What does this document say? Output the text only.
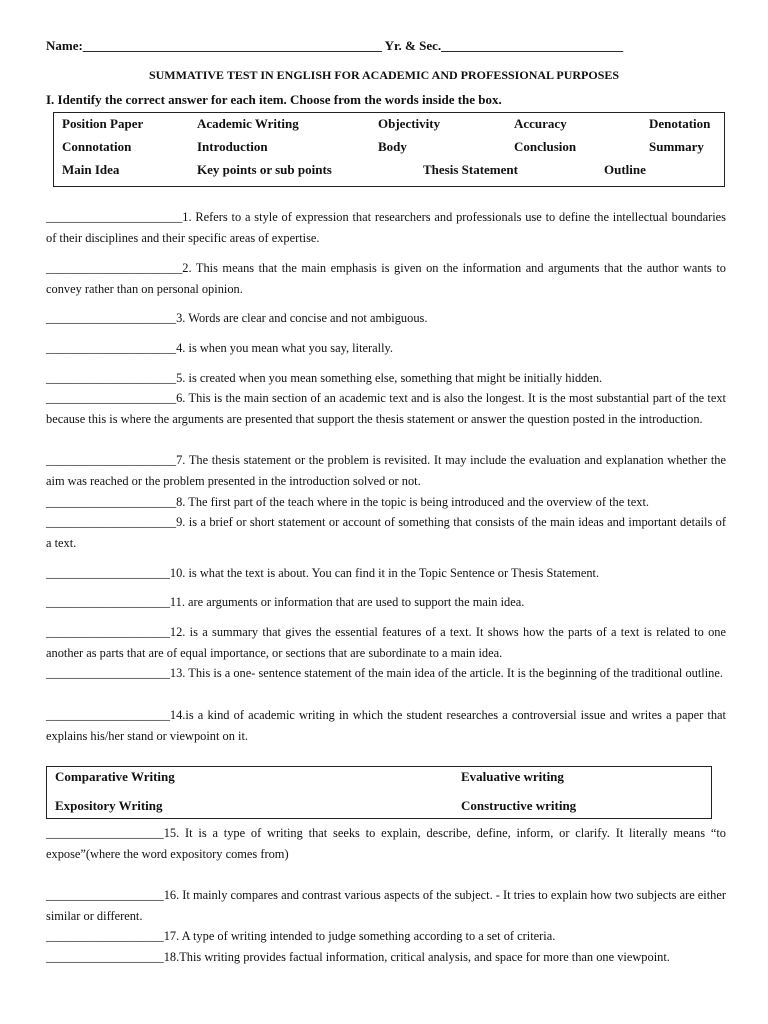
Name:______________________________________________ Yr. & Sec.____________________________
SUMMATIVE TEST IN ENGLISH FOR ACADEMIC AND PROFESSIONAL PURPOSES
I. Identify the correct answer for each item. Choose from the words inside the box.
Position Paper	Academic Writing	Objectivity	Accuracy	Denotation
Connotation	Introduction	Body	Conclusion	Summary
Main Idea	Key points or sub points	Thesis Statement	Outline
______________________1. Refers to a style of expression that researchers and professionals use to define the intellectual boundaries of their disciplines and their specific areas of expertise.
______________________2. This means that the main emphasis is given on the information and arguments that the author wants to convey rather than on personal opinion.
_____________________3. Words are clear and concise and not ambiguous.
_____________________4. is when you mean what you say, literally.
_____________________5. is created when you mean something else, something that might be initially hidden.
_____________________6. This is the main section of an academic text and is also the longest. It is the most substantial part of the text because this is where the arguments are presented that support the thesis statement or answer the question posted in the introduction.
_____________________7. The thesis statement or the problem is revisited. It may include the evaluation and explanation whether the aim was reached or the problem presented in the introduction solved or not.
_____________________8. The first part of the teach where in the topic is being introduced and the overview of the text.
_____________________9. is a brief or short statement or account of something that consists of the main ideas and important details of a text.
____________________10. is what the text is about. You can find it in the Topic Sentence or Thesis Statement.
____________________11. are arguments or information that are used to support the main idea.
____________________12. is a summary that gives the essential features of a text. It shows how the parts of a text is related to one another as parts that are of equal importance, or sections that are subordinate to a main idea.
____________________13. This is a one- sentence statement of the main idea of the article. It is the beginning of the traditional outline.
____________________14.is a kind of academic writing in which the student researches a controversial issue and writes a paper that explains his/her stand or viewpoint on it.
Comparative Writing	Evaluative writing
Expository Writing	Constructive writing
___________________15. It is a type of writing that seeks to explain, describe, define, inform, or clarify. It literally means “to expose”(where the word expository comes from)
___________________16. It mainly compares and contrast various aspects of the subject. - It tries to explain how two subjects are either similar or different.
___________________17. A type of writing intended to judge something according to a set of criteria.
___________________18.This writing provides factual information, critical analysis, and space for more than one viewpoint.
